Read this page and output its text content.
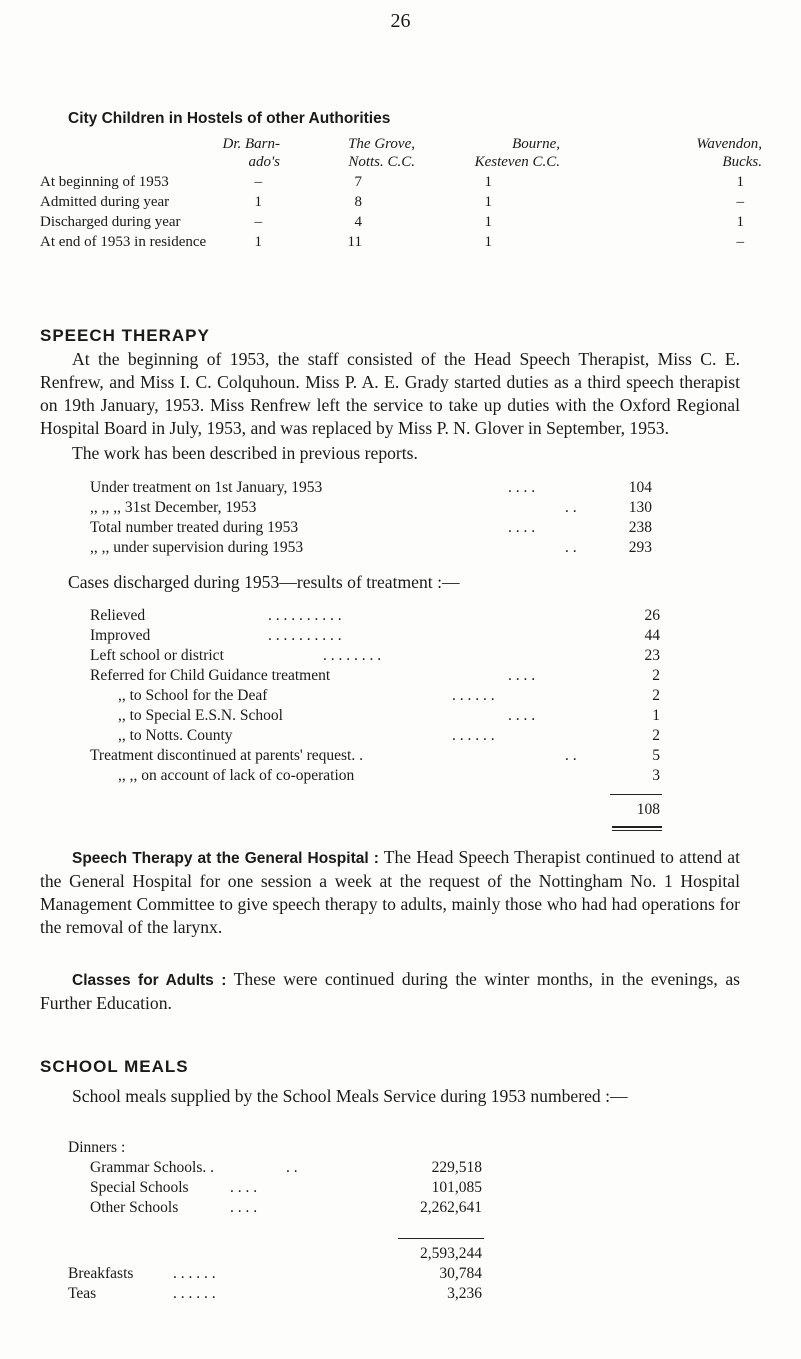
26
City Children in Hostels of other Authorities
Dr. Barn-
ado's
The Grove,
Notts. C.C.
Bourne,
Kesteven C.C.
Wavendon,
Bucks.
At beginning of 1953	–	7	1	1
Admitted during year	1	8	1	–
Discharged during year	–	4	1	1
At end of 1953 in residence	1	11	1	–
SPEECH THERAPY

At the beginning of 1953, the staff consisted of the Head Speech Therapist, Miss C. E. Renfrew, and Miss I. C. Colquhoun. Miss P. A. E. Grady started duties as a third speech therapist on 19th January, 1953. Miss Renfrew left the service to take up duties with the Oxford Regional Hospital Board in July, 1953, and was replaced by Miss P. N. Glover in September, 1953.

The work has been described in previous reports.

Under treatment on 1st January, 1953	. . . .	104
,, ,, ,, 31st December, 1953	. .	130
Total number treated during 1953	. . . .	238
,, ,, under supervision during 1953	. .	293
Cases discharged during 1953—results of treatment :—
Relieved	. . . . . . . . . .	26
Improved	. . . . . . . . . .	44
Left school or district	. . . . . . . .	23
Referred for Child Guidance treatment	. . . .	2
,, to School for the Deaf	. . . . . .	2
,, to Special E.S.N. School	. . . .	1
,, to Notts. County	. . . . . .	2
Treatment discontinued at parents' request. .	. .	5
,, ,, on account of lack of co-operation	3
108

Speech Therapy at the General Hospital : The Head Speech Therapist continued to attend at the General Hospital for one session a week at the request of the Nottingham No. 1 Hospital Management Committee to give speech therapy to adults, mainly those who had had operations for the removal of the larynx.

Classes for Adults : These were continued during the winter months, in the evenings, as Further Education.

SCHOOL MEALS

School meals supplied by the School Meals Service during 1953 numbered :—

Dinners :
Grammar Schools. .	. .	229,518
Special Schools	. . . .	101,085
Other Schools	. . . .	2,262,641
2,593,244
Breakfasts	. . . . . .	30,784
Teas	. . . . . .	3,236
